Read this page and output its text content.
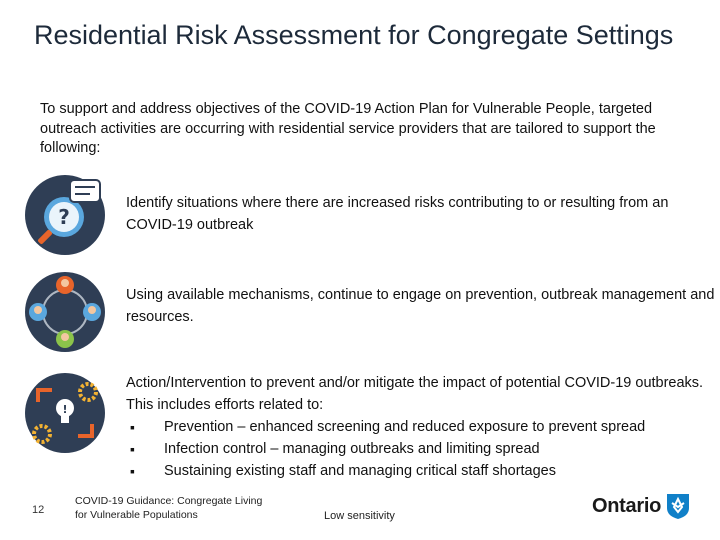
Residential Risk Assessment for Congregate Settings
To support and address objectives of the COVID-19 Action Plan for Vulnerable People, targeted outreach activities are occurring with residential service providers that are tailored to support the following:
?
Identify situations where there are increased risks contributing to or resulting from an COVID-19 outbreak
Using available mechanisms, continue to engage on prevention, outbreak management and resources.
!
Action/Intervention to prevent and/or mitigate the impact of potential COVID-19 outbreaks. This includes efforts related to:
▪ Prevention – enhanced screening and reduced exposure to prevent spread
▪ Infection control – managing outbreaks and limiting spread
▪ Sustaining existing staff and managing critical staff shortages
12
COVID-19 Guidance: Congregate Living for Vulnerable Populations	Low sensitivity	Ontario
